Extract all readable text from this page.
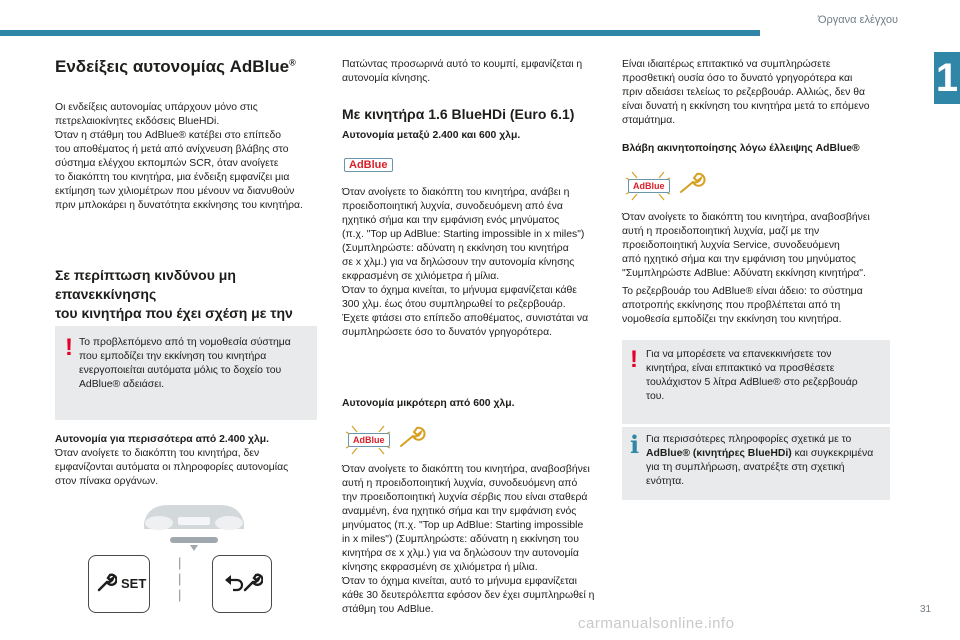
Όργανα ελέγχου
1
Ενδείξεις αυτονομίας AdBlue®
Οι ενδείξεις αυτονομίας υπάρχουν μόνο στις
πετρελαιοκίνητες εκδόσεις BlueHDi.
Όταν η στάθμη του AdBlue® κατέβει στο επίπεδο
του αποθέματος ή μετά από ανίχνευση βλάβης στο
σύστημα ελέγχου εκπομπών SCR, όταν ανοίγετε
το διακόπτη του κινητήρα, μια ένδειξη εμφανίζει μια
εκτίμηση των χιλιομέτρων που μένουν να διανυθούν
πριν μπλοκάρει η δυνατότητα εκκίνησης του κινητήρα.
Σε περίπτωση κινδύνου μη επανεκκίνησης
του κινητήρα που έχει σχέση με την
! Το προβλεπόμενο από τη νομοθεσία σύστημα
που εμποδίζει την εκκίνηση του κινητήρα
ενεργοποιείται αυτόματα μόλις το δοχείο του
AdBlue® αδειάσει.
Αυτονομία για περισσότερα από 2.400 χλμ.
Όταν ανοίγετε το διακόπτη του κινητήρα, δεν
εμφανίζονται αυτόματα οι πληροφορίες αυτονομίας
στον πίνακα οργάνων.
SET
|
|
|
Πατώντας προσωρινά αυτό το κουμπί, εμφανίζεται η
αυτονομία κίνησης.
Με κινητήρα 1.6 BlueHDi (Euro 6.1)
Αυτονομία μεταξύ 2.400 και 600 χλμ.
AdBlue
Όταν ανοίγετε το διακόπτη του κινητήρα, ανάβει η
προειδοποιητική λυχνία, συνοδευόμενη από ένα
ηχητικό σήμα και την εμφάνιση ενός μηνύματος
(π.χ. "Top up AdBlue: Starting impossible in x miles")
(Συμπληρώστε: αδύνατη η εκκίνηση του κινητήρα
σε x χλμ.) για να δηλώσουν την αυτονομία κίνησης
εκφρασμένη σε χιλιόμετρα ή μίλια.
Όταν το όχημα κινείται, το μήνυμα εμφανίζεται κάθε
300 χλμ. έως ότου συμπληρωθεί το ρεζερβουάρ.
Έχετε φτάσει στο επίπεδο αποθέματος, συνιστάται να
συμπληρώσετε όσο το δυνατόν γρηγορότερα.
Αυτονομία μικρότερη από 600 χλμ.
AdBlue
Όταν ανοίγετε το διακόπτη του κινητήρα, αναβοσβήνει
αυτή η προειδοποιητική λυχνία, συνοδευόμενη από
την προειδοποιητική λυχνία σέρβις που είναι σταθερά
αναμμένη, ένα ηχητικό σήμα και την εμφάνιση ενός
μηνύματος (π.χ. "Top up AdBlue: Starting impossible
in x miles") (Συμπληρώστε: αδύνατη η εκκίνηση του
κινητήρα σε x χλμ.) για να δηλώσουν την αυτονομία
κίνησης εκφρασμένη σε χιλιόμετρα ή μίλια.
Όταν το όχημα κινείται, αυτό το μήνυμα εμφανίζεται
κάθε 30 δευτερόλεπτα εφόσον δεν έχει συμπληρωθεί η
στάθμη του AdBlue.
Είναι ιδιαιτέρως επιτακτικό να συμπληρώσετε
προσθετική ουσία όσο το δυνατό γρηγορότερα και
πριν αδειάσει τελείως το ρεζερβουάρ. Αλλιώς, δεν θα
είναι δυνατή η εκκίνηση του κινητήρα μετά το επόμενο
σταμάτημα.
Βλάβη ακινητοποίησης λόγω έλλειψης AdBlue®
AdBlue
Όταν ανοίγετε το διακόπτη του κινητήρα, αναβοσβήνει
αυτή η προειδοποιητική λυχνία, μαζί με την
προειδοποιητική λυχνία Service, συνοδευόμενη
από ηχητικό σήμα και την εμφάνιση του μηνύματος
"Συμπληρώστε AdBlue: Αδύνατη εκκίνηση κινητήρα".
Το ρεζερβουάρ του AdBlue® είναι άδειο: το σύστημα
αποτροπής εκκίνησης που προβλέπεται από τη
νομοθεσία εμποδίζει την εκκίνηση του κινητήρα.
! Για να μπορέσετε να επανεκκινήσετε τον
κινητήρα, είναι επιτακτικό να προσθέσετε
τουλάχιστον 5 λίτρα AdBlue® στο ρεζερβουάρ
του.
i Για περισσότερες πληροφορίες σχετικά με το
AdBlue® (κινητήρες BlueHDi) και συγκεκριμένα
για τη συμπλήρωση, ανατρέξτε στη σχετική
ενότητα.
31
carmanualsonline.info
